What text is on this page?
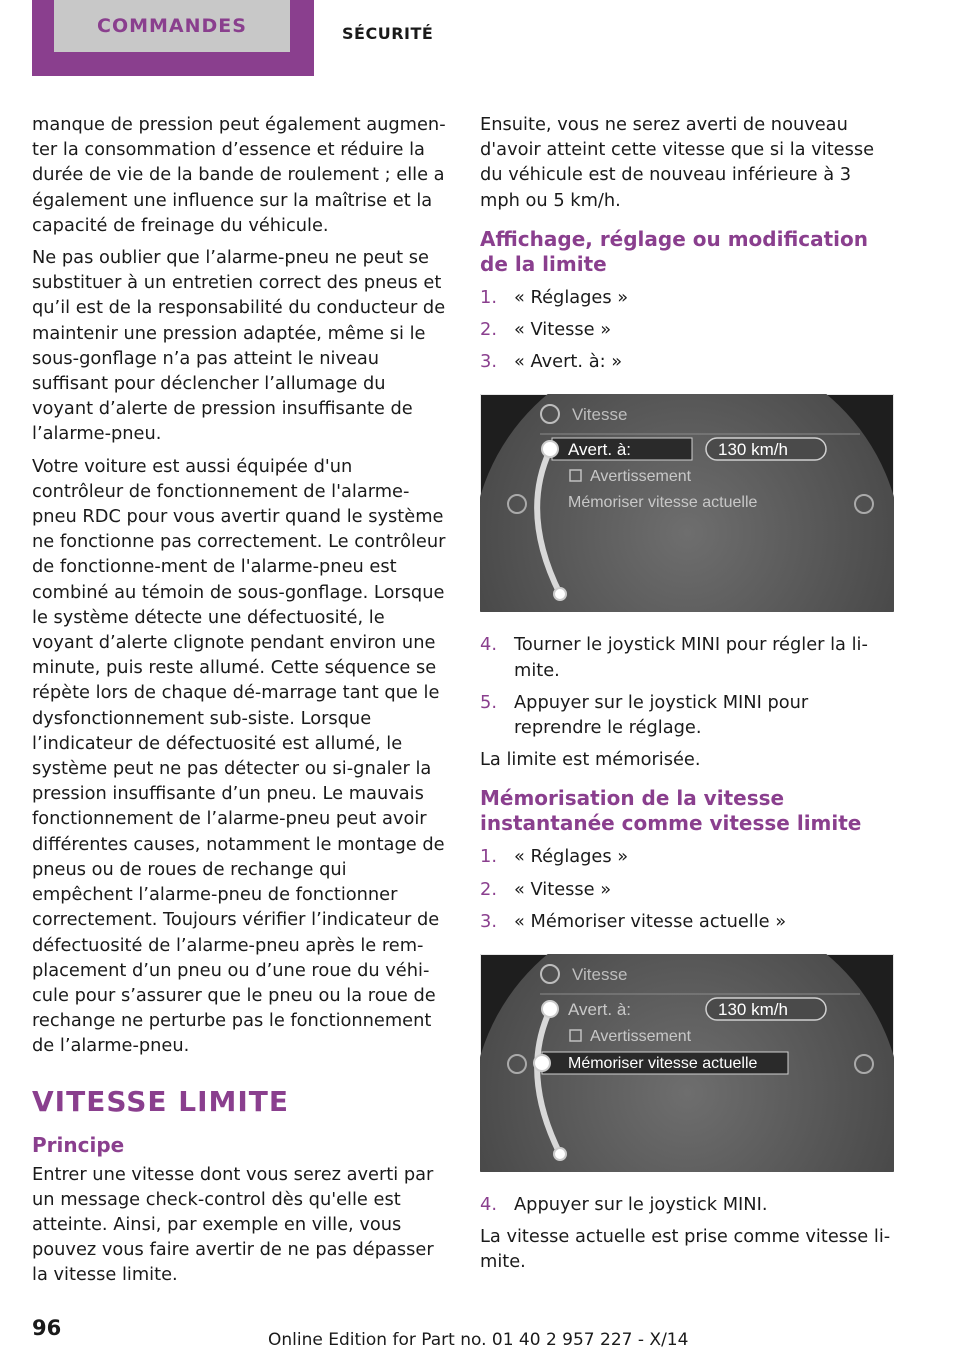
COMMANDES	SÉCURITÉ

manque de pression peut également augmen‐ter la consommation d’essence et réduire la durée de vie de la bande de roulement ; elle a également une influence sur la maîtrise et la capacité de freinage du véhicule.

Ne pas oublier que l’alarme-pneu ne peut se substituer à un entretien correct des pneus et qu’il est de la responsabilité du conducteur de maintenir une pression adaptée, même si le sous-gonflage n’a pas atteint le niveau suffisant pour déclencher l’allumage du voyant d’alerte de pression insuffisante de l’alarme-pneu.

Votre voiture est aussi équipée d'un contrôleur de fonctionnement de l'alarme-pneu RDC pour vous avertir quand le système ne fonctionne pas correctement. Le contrôleur de fonctionne‐ment de l'alarme-pneu est combiné au témoin de sous-gonflage. Lorsque le système détecte une défectuosité, le voyant d’alerte clignote pendant environ une minute, puis reste allumé. Cette séquence se répète lors de chaque dé‐marrage tant que le dysfonctionnement sub‐siste. Lorsque l’indicateur de défectuosité est allumé, le système peut ne pas détecter ou si‐gnaler la pression insuffisante d’un pneu. Le mauvais fonctionnement de l’alarme-pneu peut avoir différentes causes, notamment le montage de pneus ou de roues de rechange qui empêchent l’alarme-pneu de fonctionner correctement. Toujours vérifier l’indicateur de défectuosité de l’alarme-pneu après le rem‐placement d’un pneu ou d’une roue du véhi‐cule pour s’assurer que le pneu ou la roue de rechange ne perturbe pas le fonctionnement de l’alarme-pneu.

VITESSE LIMITE
Principe

Entrer une vitesse dont vous serez averti par un message check-control dès qu'elle est atteinte. Ainsi, par exemple en ville, vous pouvez vous faire avertir de ne pas dépasser la vitesse limite.

Ensuite, vous ne serez averti de nouveau d'avoir atteint cette vitesse que si la vitesse du véhicule est de nouveau inférieure à 3 mph ou 5 km/h.

Affichage, réglage ou modification de la limite
1. « Réglages »
2. « Vitesse »
3. « Avert. à: »
Vitesse
Avert. à:	130 km/h
Avertissement
Mémoriser vitesse actuelle
4. Tourner le joystick MINI pour régler la li‐mite.
5. Appuyer sur le joystick MINI pour reprendre le réglage.

La limite est mémorisée.

Mémorisation de la vitesse instantanée comme vitesse limite
1. « Réglages »
2. « Vitesse »
3. « Mémoriser vitesse actuelle »
Vitesse
Avert. à:	130 km/h
Avertissement
Mémoriser vitesse actuelle
4. Appuyer sur le joystick MINI.

La vitesse actuelle est prise comme vitesse li‐mite.

96	Online Edition for Part no. 01 40 2 957 227 - X/14
